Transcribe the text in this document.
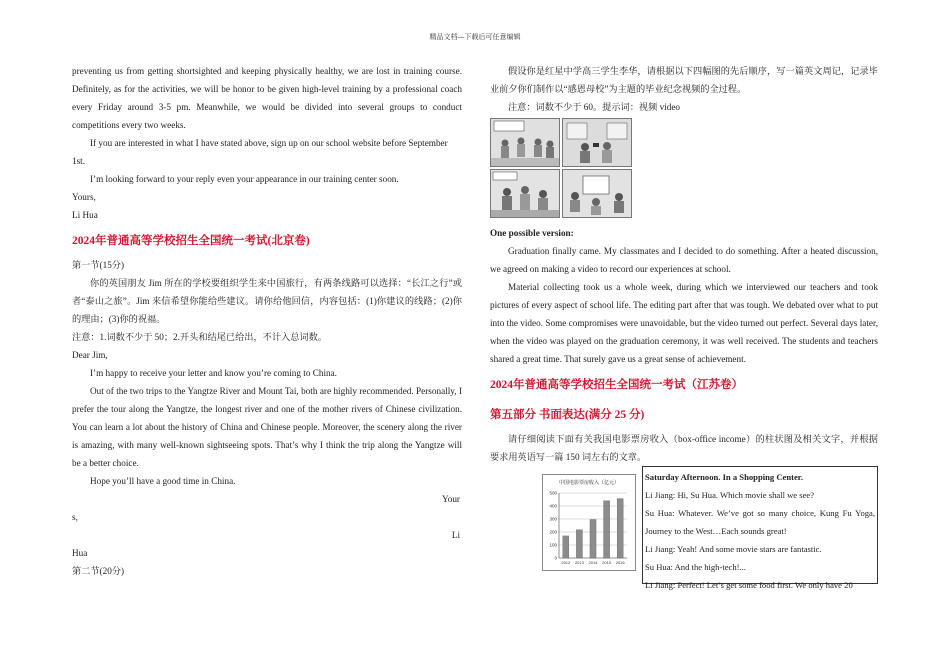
精品文档---下载后可任意编辑

preventing us from getting shortsighted and keeping physically healthy, we are lost in training course. Definitely, as for the activities, we will be honor to be given high-level training by a professional coach every Friday around 3-5 pm. Meanwhile, we would be divided into several groups to conduct competitions every two weeks.

If you are interested in what I have stated above, sign up on our school website before September 1st.

I’m looking forward to your reply even your appearance in our training center soon.

Yours,

Li Hua

2024年普通高等学校招生全国统一考试(北京卷)

第一节(15分)

你的英国朋友 Jim 所在的学校要组织学生来中国旅行，有两条线路可以选择：“长江之行”或者“泰山之旅”。Jim 来信希望你能给些建议。请你给他回信，内容包括：(1)你建议的线路；(2)你的理由；(3)你的祝福。

注意：1.词数不少于 50；2.开头和结尾已给出，不计入总词数。

Dear Jim,

I’m happy to receive your letter and know you’re coming to China.

Out of the two trips to the Yangtze River and Mount Tai, both are highly recommended. Personally, I prefer the tour along the Yangtze, the longest river and one of the mother rivers of Chinese civilization. You can learn a lot about the history of China and Chinese people. Moreover, the scenery along the river is amazing, with many well-known sightseeing spots. That’s why I think the trip along the Yangtze will be a better choice.

Hope you’ll have a good time in China.

Your

s,

Li

Hua

第二节(20分)

假设你是红星中学高三学生李华，请根据以下四幅图的先后顺序，写一篇英文周记，记录毕业前夕你们制作以“感恩母校”为主题的毕业纪念视频的全过程。

注意：词数不少于 60。提示词：视频 video

One possible version:

Graduation finally came. My classmates and I decided to do something. After a heated discussion, we agreed on making a video to record our experiences at school.

Material collecting took us a whole week, during which we interviewed our teachers and took pictures of every aspect of school life. The editing part after that was tough. We debated over what to put into the video. Some compromises were unavoidable, but the video turned out perfect. Several days later, when the video was played on the graduation ceremony, it was well received. The students and teachers shared a great time. That surely gave us a great sense of achievement.

2024年普通高等学校招生全国统一考试（江苏卷）
第五部分 书面表达(满分 25 分)

请仔细阅读下面有关我国电影票房收入（box-office income）的柱状图及相关文字，并根据要求用英语写一篇 150 词左右的文章。

中国电影票房收入（亿元）
0
100
200
300
400
500
2012 2013 2014 2015 2016

Saturday Afternoon. In a Shopping Center.

Li Jiang: Hi, Su Hua. Which movie shall we see?

Su Hua: Whatever. We’ve got so many choice, Kung Fu Yoga, Journey to the West…Each sounds great!

Li Jiang: Yeah! And some movie stars are fantastic.

Su Hua: And the high-tech!...

Li Jiang: Perfect! Let’s get some food first. We only have 20
